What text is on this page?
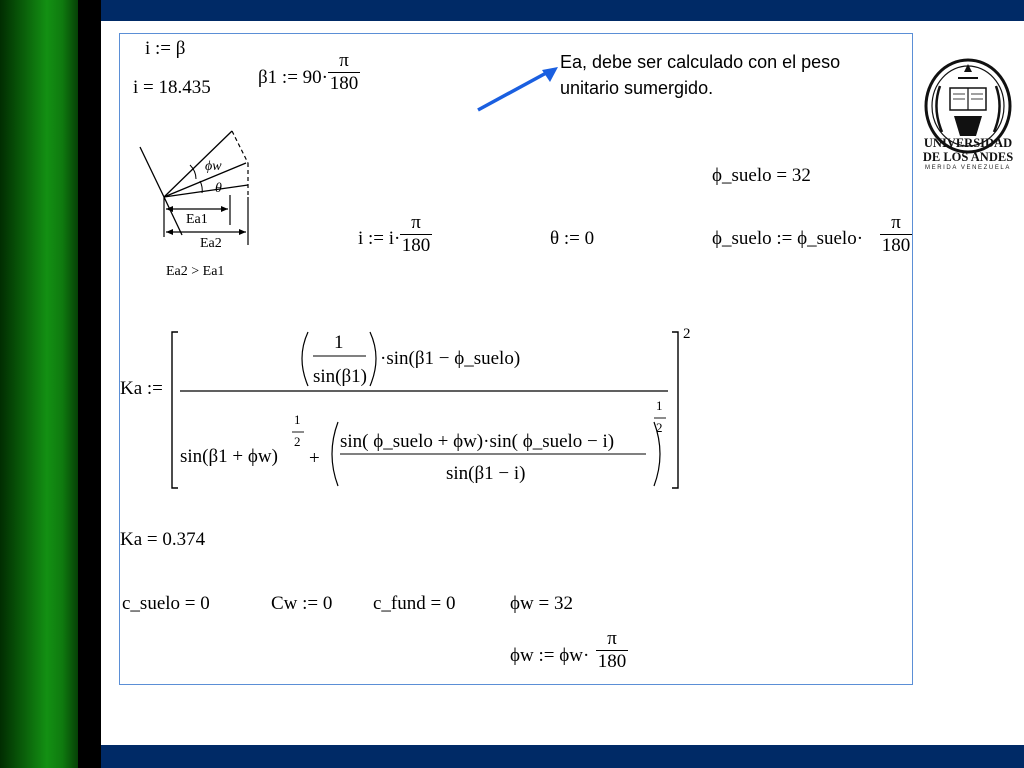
i := β
i = 18.435 β1 := 90·
π
180
Ea, debe ser calculado con el peso
unitario sumergido.
UNIVERSIDAD
DE LOS ANDES
MERIDA VENEZUELA
ϕw
θ
Ea1
Ea2
Ea2 > Ea1
ϕ_suelo = 32
i := i·
π
180	θ := 0	ϕ_suelo := ϕ_suelo·
π
180
Ka :=
1
sin(β1)
·sin(β1 − ϕ_suelo)
2
sin(β1 + ϕw)
1
2
+
sin( ϕ_suelo + ϕw)·sin( ϕ_suelo − i)
sin(β1 − i)
1
2
Ka = 0.374
c_suelo = 0	Cw := 0 c_fund = 0	ϕw = 32
ϕw := ϕw·
π
180
